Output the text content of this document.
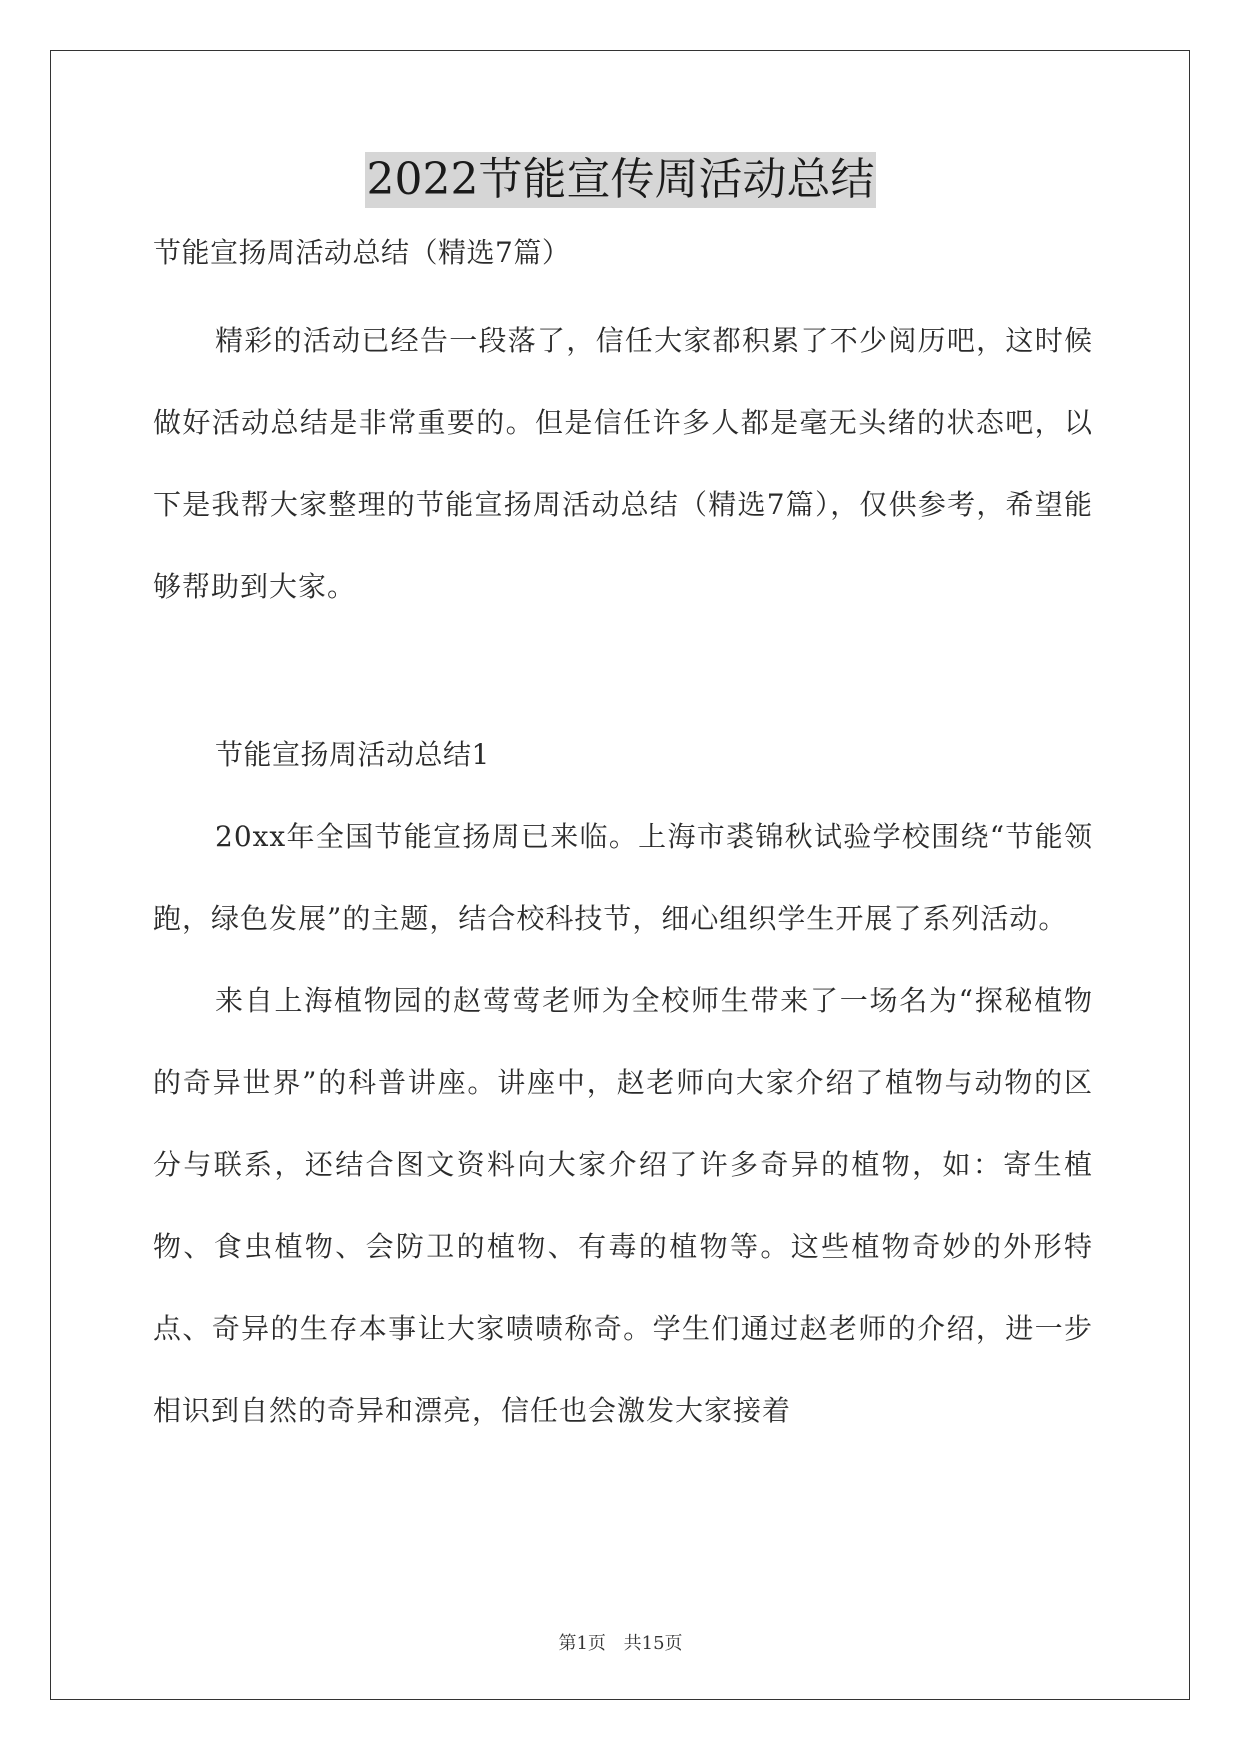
2022节能宣传周活动总结

节能宣扬周活动总结（精选7篇）

精彩的活动已经告一段落了，信任大家都积累了不少阅历吧，这时候做好活动总结是非常重要的。但是信任许多人都是毫无头绪的状态吧，以下是我帮大家整理的节能宣扬周活动总结（精选7篇），仅供参考，希望能够帮助到大家。

节能宣扬周活动总结1

20xx年全国节能宣扬周已来临。上海市裘锦秋试验学校围绕“节能领跑，绿色发展”的主题，结合校科技节，细心组织学生开展了系列活动。

来自上海植物园的赵莺莺老师为全校师生带来了一场名为“探秘植物的奇异世界”的科普讲座。讲座中，赵老师向大家介绍了植物与动物的区分与联系，还结合图文资料向大家介绍了许多奇异的植物，如：寄生植物、食虫植物、会防卫的植物、有毒的植物等。这些植物奇妙的外形特点、奇异的生存本事让大家啧啧称奇。学生们通过赵老师的介绍，进一步相识到自然的奇异和漂亮，信任也会激发大家接着

第1页 共15页
